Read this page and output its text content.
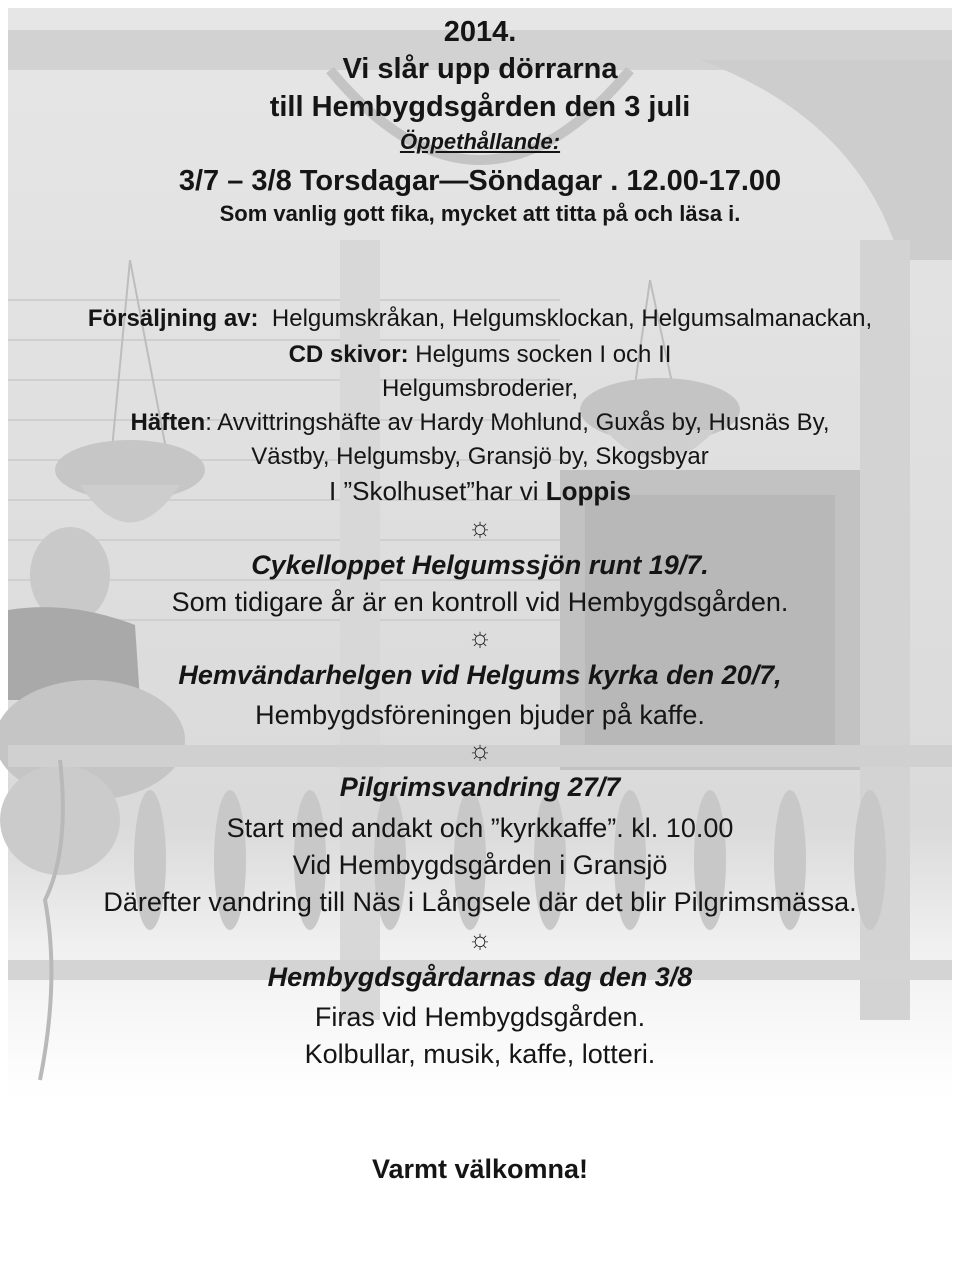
2014.
Vi slår upp dörrarna
till Hembygdsgården den 3 juli
Öppethållande:
3/7 – 3/8 Torsdagar—Söndagar . 12.00-17.00
Som vanlig gott fika, mycket att titta på och läsa i.
Försäljning av: Helgumskråkan, Helgumsklockan, Helgumsalmanackan,
CD skivor: Helgums socken I och II
Helgumsbroderier,
Häften: Avvittringshäfte av Hardy Mohlund, Guxås by, Husnäs By,
Västby, Helgumsby, Gransjö by, Skogsbyar
I ”Skolhuset”har vi Loppis
☼
Cykelloppet Helgumssjön runt 19/7.
Som tidigare år är en kontroll vid Hembygdsgården.
☼
Hemvändarhelgen vid Helgums kyrka den 20/7,
Hembygdsföreningen bjuder på kaffe.
☼
Pilgrimsvandring 27/7
Start med andakt och ”kyrkkaffe”. kl. 10.00
Vid Hembygdsgården i Gransjö
Därefter vandring till Näs i Långsele där det blir Pilgrimsmässa.
☼
Hembygdsgårdarnas dag den 3/8
Firas vid Hembygdsgården.
Kolbullar, musik, kaffe, lotteri.
Varmt välkomna!
